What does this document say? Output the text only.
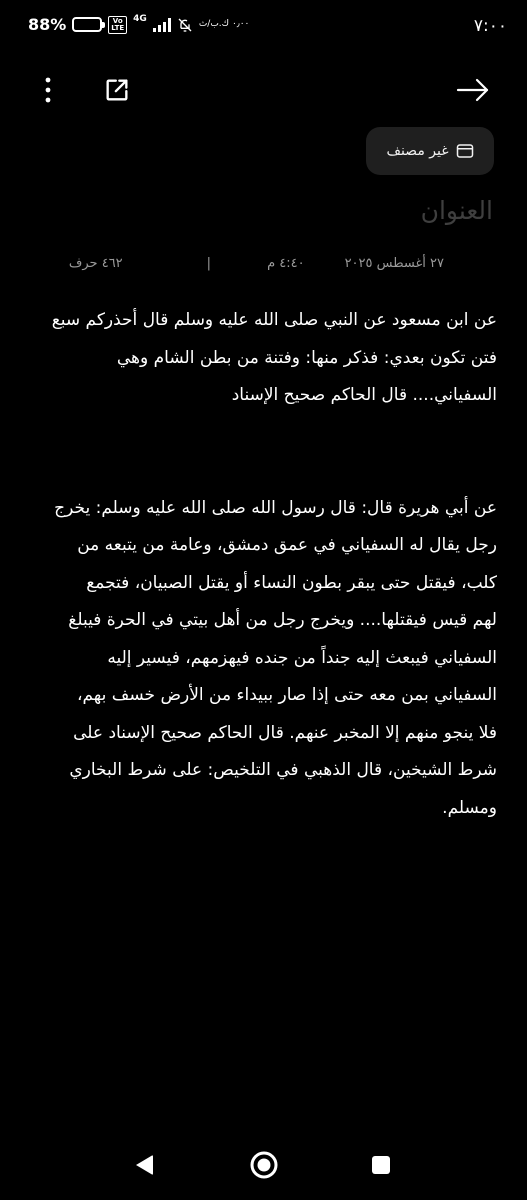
٧:٠٠
88%	Vo
LTE
4G	٠٫٠٠ ك.ب/ث
غير مصنف
العنوان
٢٧ أغسطس ٢٠٢٥
٤:٤٠ م
|
٤٦٢ حرف
عن ابن مسعود عن النبي صلى الله عليه وسلم قال أحذركم سبع
فتن تكون بعدي: فذكر منها: وفتنة من بطن الشام وهي
السفياني.... قال الحاكم صحيح الإسناد
عن أبي هريرة قال: قال رسول الله صلى الله عليه وسلم: يخرج
رجل يقال له السفياني في عمق دمشق، وعامة من يتبعه من
كلب، فيقتل حتى يبقر بطون النساء أو يقتل الصبيان، فتجمع
لهم قيس فيقتلها.... ويخرج رجل من أهل بيتي في الحرة فيبلغ
السفياني فيبعث إليه جنداً من جنده فيهزمهم، فيسير إليه
السفياني بمن معه حتى إذا صار ببيداء من الأرض خسف بهم،
فلا ينجو منهم إلا المخبر عنهم. قال الحاكم صحيح الإسناد على
شرط الشيخين، قال الذهبي في التلخيص: على شرط البخاري
ومسلم.
